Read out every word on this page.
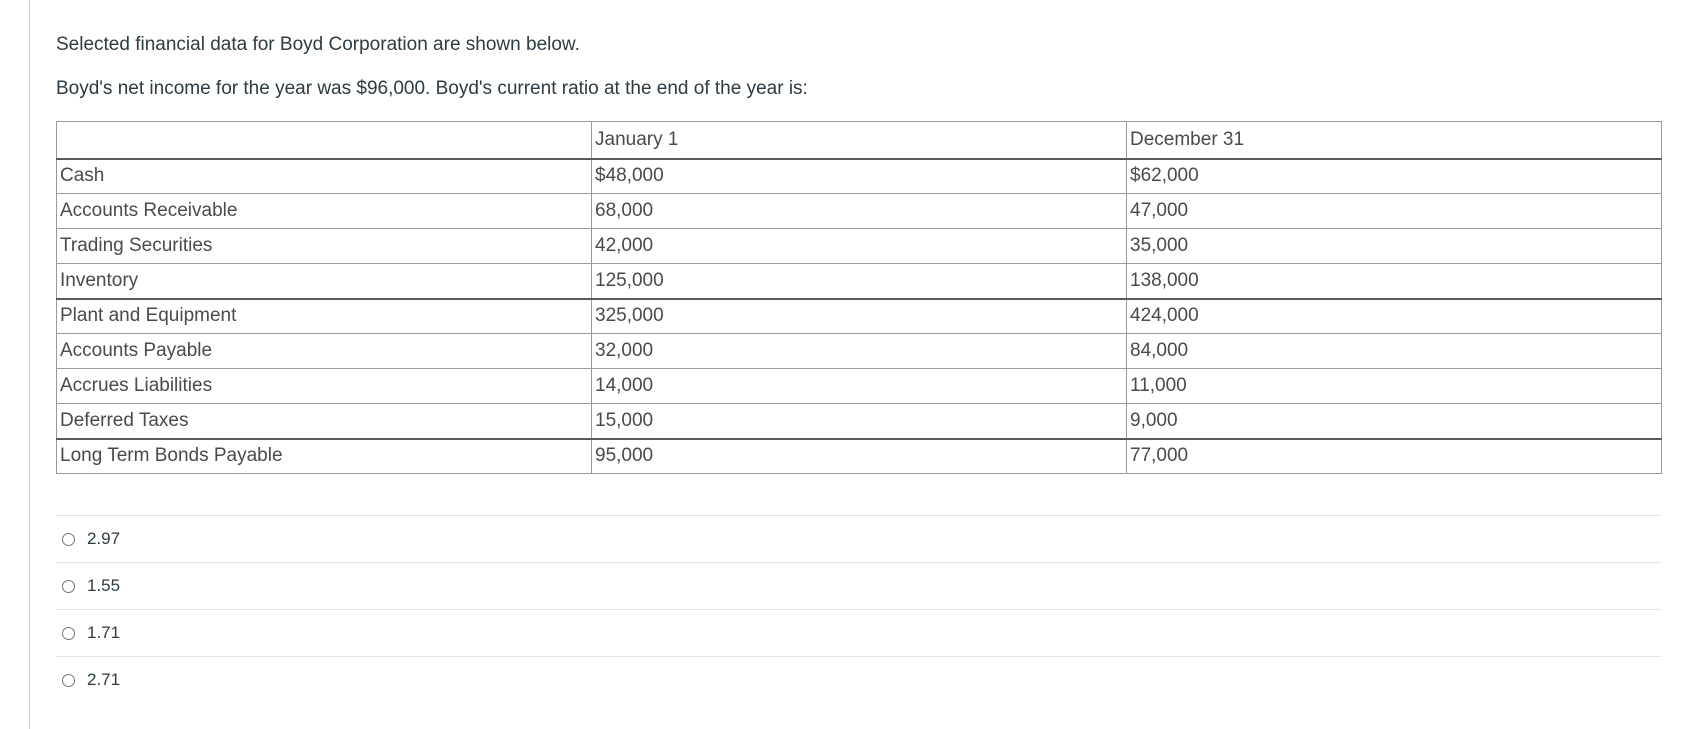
Selected financial data for Boyd Corporation are shown below.
Boyd's net income for the year was $96,000. Boyd's current ratio at the end of the year is:
	January 1	December 31
Cash	$48,000	$62,000
Accounts Receivable	68,000	47,000
Trading Securities	42,000	35,000
Inventory	125,000	138,000
Plant and Equipment	325,000	424,000
Accounts Payable	32,000	84,000
Accrues Liabilities	14,000	11,000
Deferred Taxes	15,000	9,000
Long Term Bonds Payable	95,000	77,000
2.97
1.55
1.71
2.71
